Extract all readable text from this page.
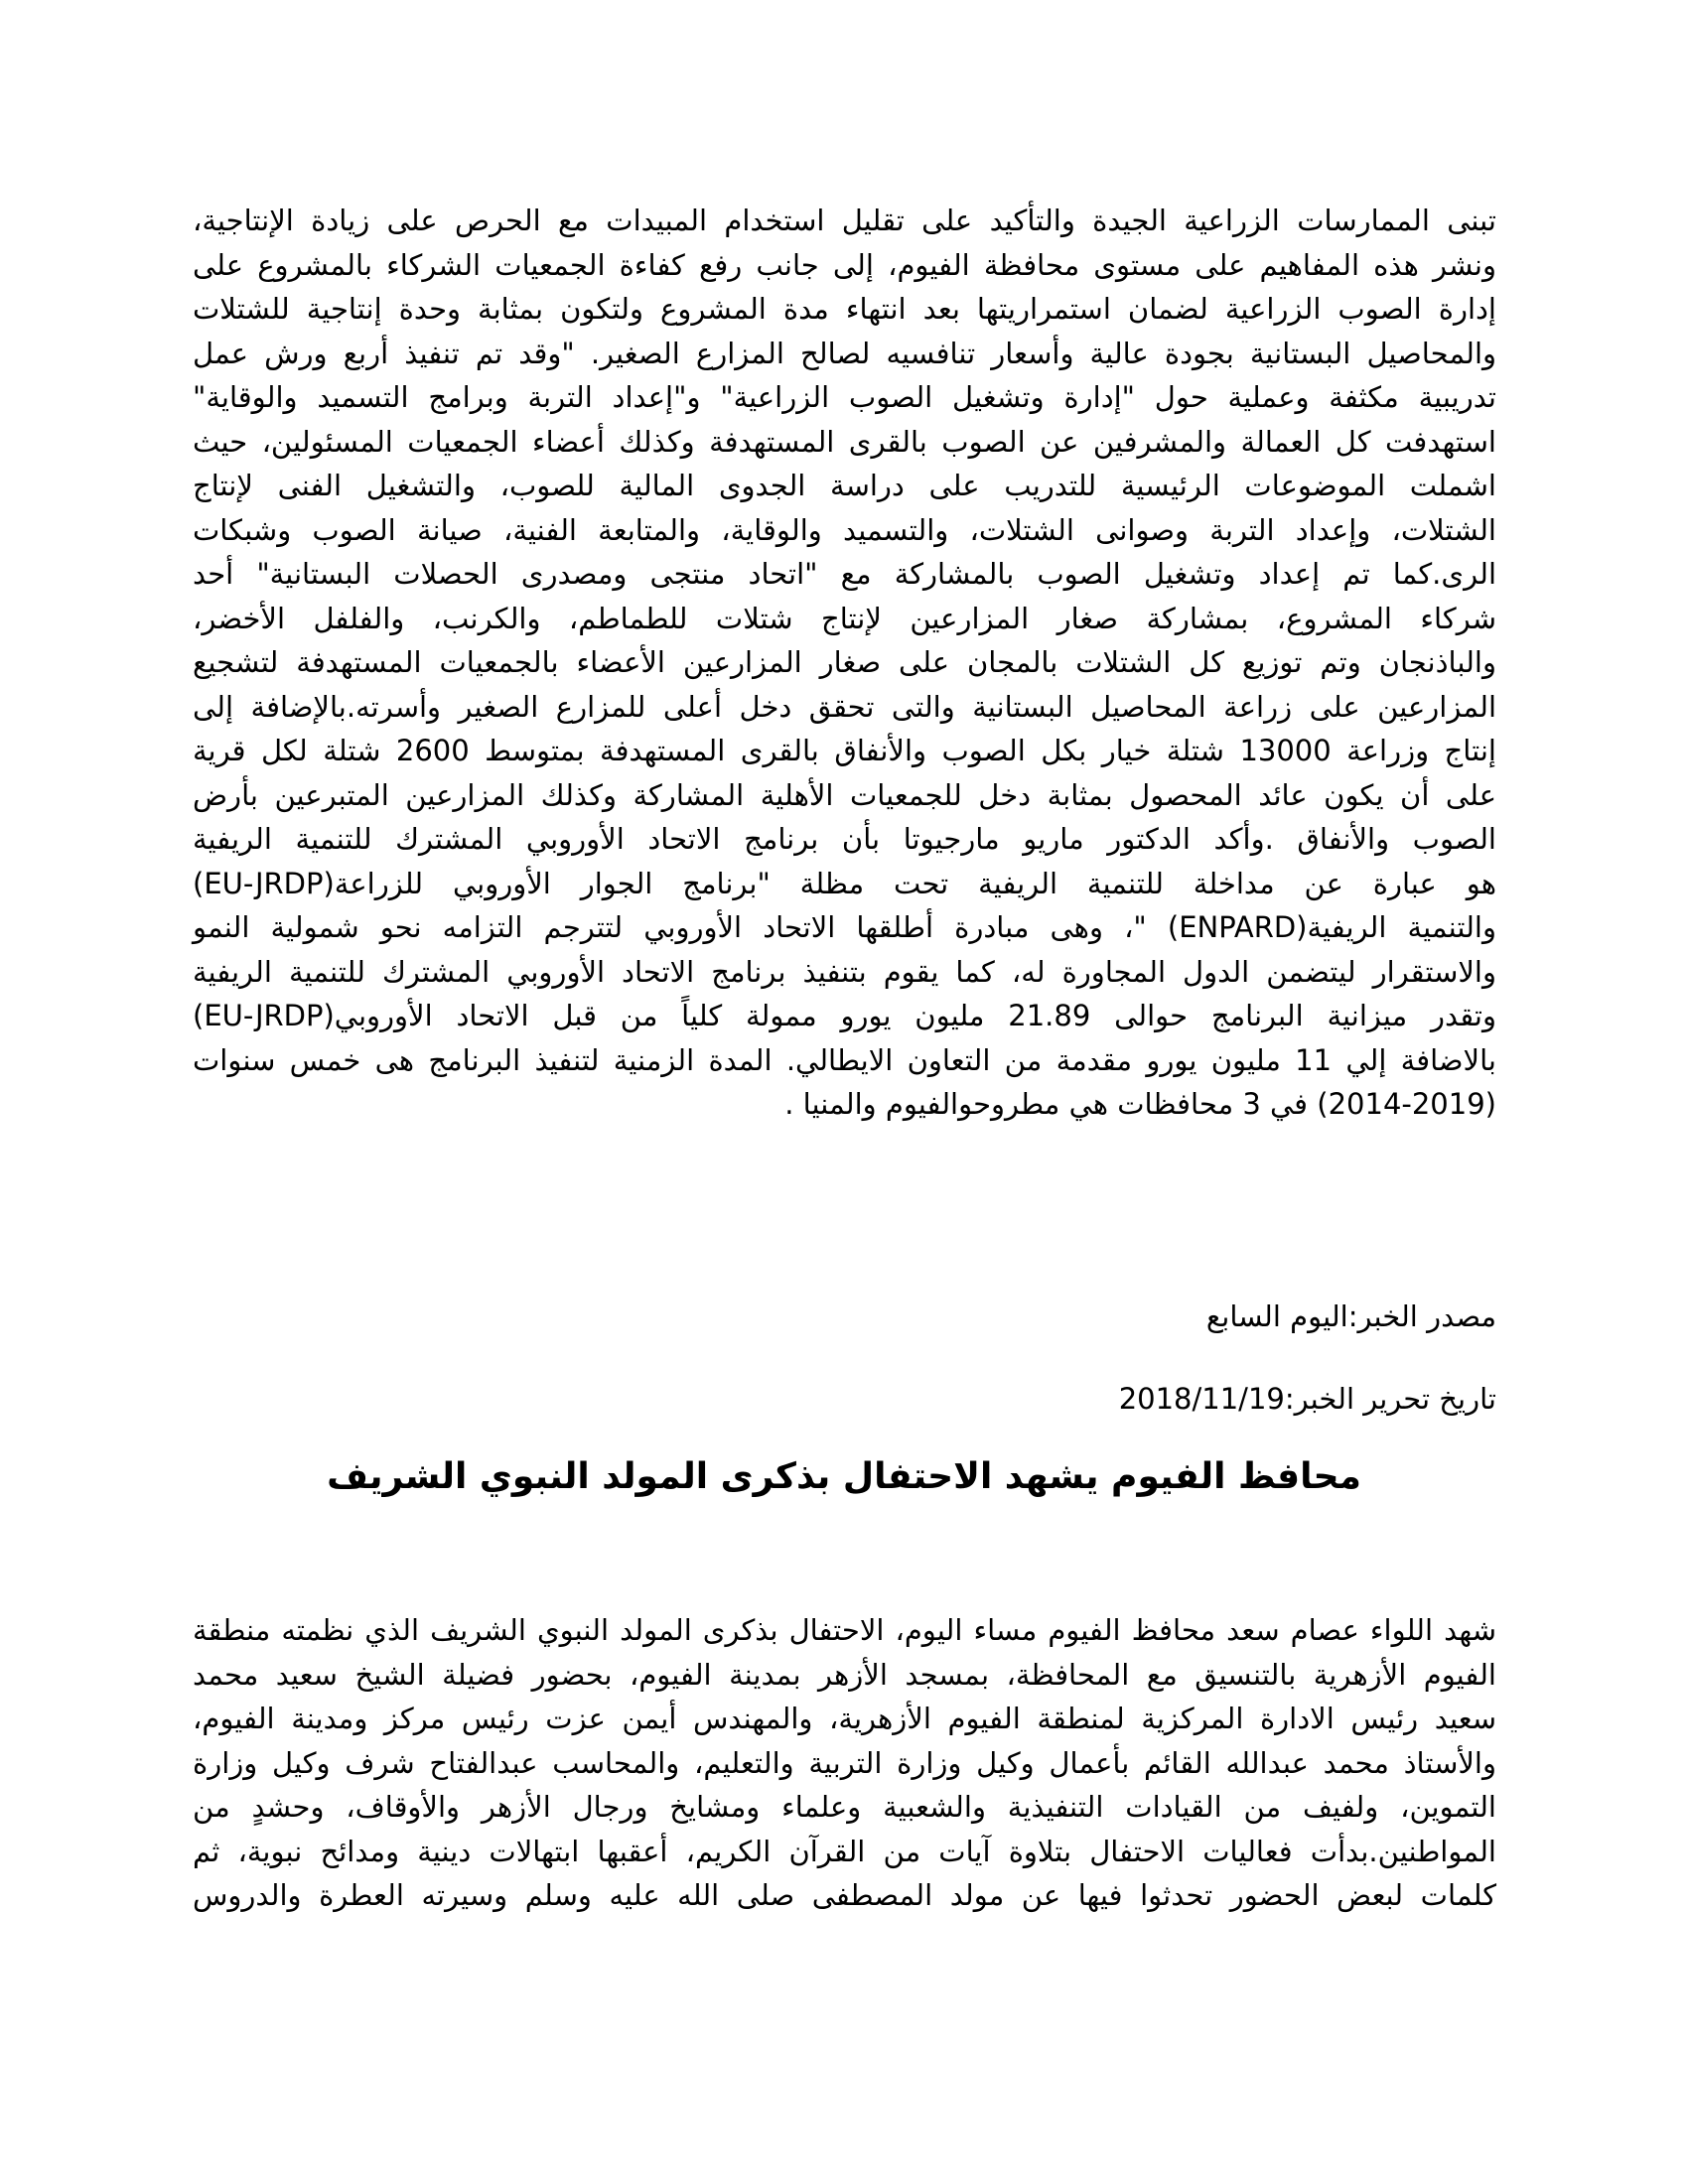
تبنى الممارسات الزراعية الجيدة والتأكيد على تقليل استخدام المبيدات مع الحرص على زيادة الإنتاجية،
ونشر هذه المفاهيم على مستوى محافظة الفيوم، إلى جانب رفع كفاءة الجمعيات الشركاء بالمشروع على
إدارة الصوب الزراعية لضمان استمراريتها بعد انتهاء مدة المشروع ولتكون بمثابة وحدة إنتاجية للشتلات
والمحاصيل البستانية بجودة عالية وأسعار تنافسيه لصالح المزارع الصغير. "وقد تم تنفيذ أربع ورش عمل
تدريبية مكثفة وعملية حول "إدارة وتشغيل الصوب الزراعية" و"إعداد التربة وبرامج التسميد والوقاية"
استهدفت كل العمالة والمشرفين عن الصوب بالقرى المستهدفة وكذلك أعضاء الجمعيات المسئولين، حيث
اشملت الموضوعات الرئيسية للتدريب على دراسة الجدوى المالية للصوب، والتشغيل الفنى لإنتاج
الشتلات، وإعداد التربة وصوانى الشتلات، والتسميد والوقاية، والمتابعة الفنية، صيانة الصوب وشبكات
الرى.كما تم إعداد وتشغيل الصوب بالمشاركة مع "اتحاد منتجى ومصدرى الحصلات البستانية" أحد
شركاء المشروع، بمشاركة صغار المزارعين لإنتاج شتلات للطماطم، والكرنب، والفلفل الأخضر،
والباذنجان وتم توزيع كل الشتلات بالمجان على صغار المزارعين الأعضاء بالجمعيات المستهدفة لتشجيع
المزارعين على زراعة المحاصيل البستانية والتى تحقق دخل أعلى للمزارع الصغير وأسرته.بالإضافة إلى
إنتاج وزراعة 13000 شتلة خيار بكل الصوب والأنفاق بالقرى المستهدفة بمتوسط 2600 شتلة لكل قرية
على أن يكون عائد المحصول بمثابة دخل للجمعيات الأهلية المشاركة وكذلك المزارعين المتبرعين بأرض
الصوب والأنفاق .وأكد الدكتور ماريو مارجيوتا بأن برنامج الاتحاد الأوروبي المشترك للتنمية الريفية
(EU-JRDP)هو عبارة عن مداخلة للتنمية الريفية تحت مظلة "برنامج الجوار الأوروبي للزراعة
والتنمية الريفية(ENPARD) "، وهى مبادرة أطلقها الاتحاد الأوروبي لتترجم التزامه نحو شمولية النمو
والاستقرار ليتضمن الدول المجاورة له، كما يقوم بتنفيذ برنامج الاتحاد الأوروبي المشترك للتنمية الريفية
(EU-JRDP)وتقدر ميزانية البرنامج حوالى 21.89 مليون يورو ممولة كلياً من قبل الاتحاد الأوروبي
بالاضافة إلي 11 مليون يورو مقدمة من التعاون الايطالي. المدة الزمنية لتنفيذ البرنامج هى خمس سنوات
(2014-2019) في 3 محافظات هي مطروحوالفيوم والمنيا .
مصدر الخبر:اليوم السابع
تاريخ تحرير الخبر:2018/11/19
محافظ الفيوم يشهد الاحتفال بذكرى المولد النبوي الشريف
شهد اللواء عصام سعد محافظ الفيوم مساء اليوم، الاحتفال بذكرى المولد النبوي الشريف الذي نظمته منطقة
الفيوم الأزهرية بالتنسيق مع المحافظة، بمسجد الأزهر بمدينة الفيوم، بحضور فضيلة الشيخ سعيد محمد
سعيد رئيس الادارة المركزية لمنطقة الفيوم الأزهرية، والمهندس أيمن عزت رئيس مركز ومدينة الفيوم،
والأستاذ محمد عبدالله القائم بأعمال وكيل وزارة التربية والتعليم، والمحاسب عبدالفتاح شرف وكيل وزارة
التموين، ولفيف من القيادات التنفيذية والشعبية وعلماء ومشايخ ورجال الأزهر والأوقاف، وحشدٍ من
المواطنين.بدأت فعاليات الاحتفال بتلاوة آيات من القرآن الكريم، أعقبها ابتهالات دينية ومدائح نبوية، ثم
كلمات لبعض الحضور تحدثوا فيها عن مولد المصطفى صلى الله عليه وسلم وسيرته العطرة والدروس
